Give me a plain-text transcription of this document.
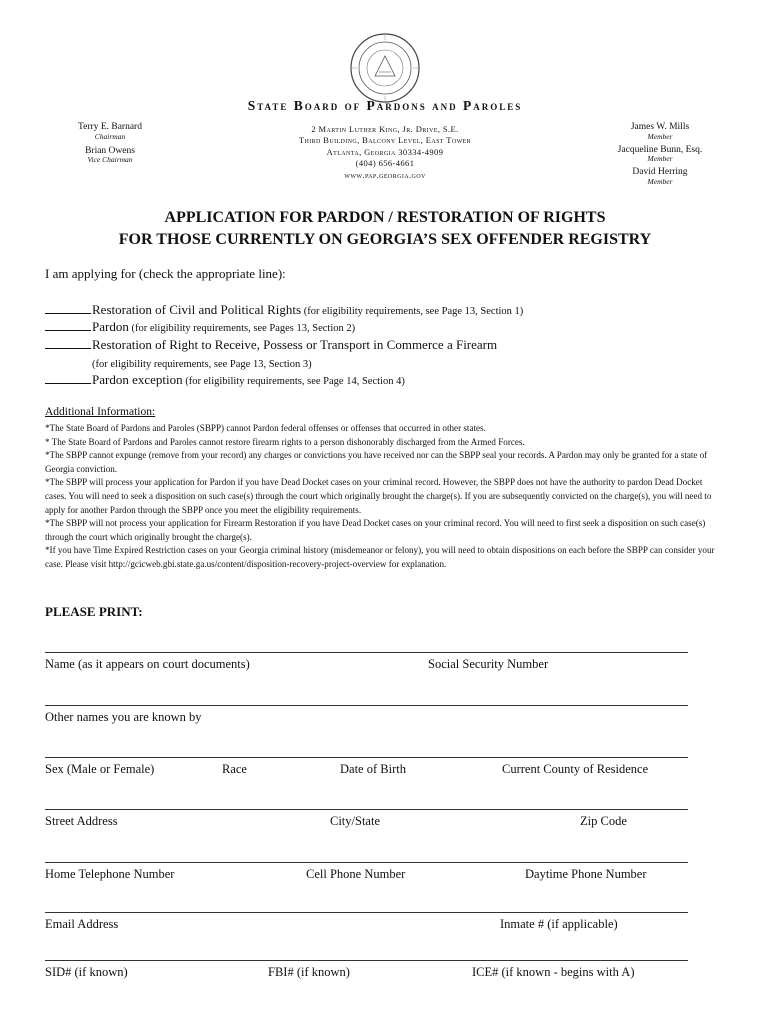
State Board of Pardons and Paroles
Terry E. Barnard
Chairman
Brian Owens
Vice Chairman
2 Martin Luther King, Jr. Drive, S.E.
Third Building, Balcony Level, East Tower
Atlanta, Georgia 30334-4909
(404) 656-4661
www.pap.georgia.gov
James W. Mills
Member
Jacqueline Bunn, Esq.
Member
David Herring
Member
APPLICATION FOR PARDON / RESTORATION OF RIGHTS
FOR THOSE CURRENTLY ON GEORGIA’S SEX OFFENDER REGISTRY
I am applying for (check the appropriate line):
Restoration of Civil and Political Rights (for eligibility requirements, see Page 13, Section 1)
Pardon (for eligibility requirements, see Pages 13, Section 2)
Restoration of Right to Receive, Possess or Transport in Commerce a Firearm
(for eligibility requirements, see Page 13, Section 3)
Pardon exception (for eligibility requirements, see Page 14, Section 4)
Additional Information:

*The State Board of Pardons and Paroles (SBPP) cannot Pardon federal offenses or offenses that occurred in other states.

* The State Board of Pardons and Paroles cannot restore firearm rights to a person dishonorably discharged from the Armed Forces.

*The SBPP cannot expunge (remove from your record) any charges or convictions you have received nor can the SBPP seal your records. A Pardon may only be granted for a state of Georgia conviction.

*The SBPP will process your application for Pardon if you have Dead Docket cases on your criminal record. However, the SBPP does not have the authority to pardon Dead Docket cases. You will need to seek a disposition on such case(s) through the court which originally brought the charge(s). If you are subsequently convicted on the charge(s), you will need to apply for another Pardon through the SBPP once you meet the eligibility requirements.

*The SBPP will not process your application for Firearm Restoration if you have Dead Docket cases on your criminal record. You will need to first seek a disposition on such case(s) through the court which originally brought the charge(s).

*If you have Time Expired Restriction cases on your Georgia criminal history (misdemeanor or felony), you will need to obtain dispositions on each before the SBPP can consider your case. Please visit http://gcicweb.gbi.state.ga.us/content/disposition-recovery-project-overview for explanation.

PLEASE PRINT:
Name (as it appears on court documents)	Social Security Number
Other names you are known by
Sex (Male or Female)	Race	Date of Birth	Current County of Residence
Street Address	City/State	Zip Code
Home Telephone Number	Cell Phone Number	Daytime Phone Number
Email Address	Inmate # (if applicable)
SID# (if known)	FBI# (if known)	ICE# (if known - begins with A)
